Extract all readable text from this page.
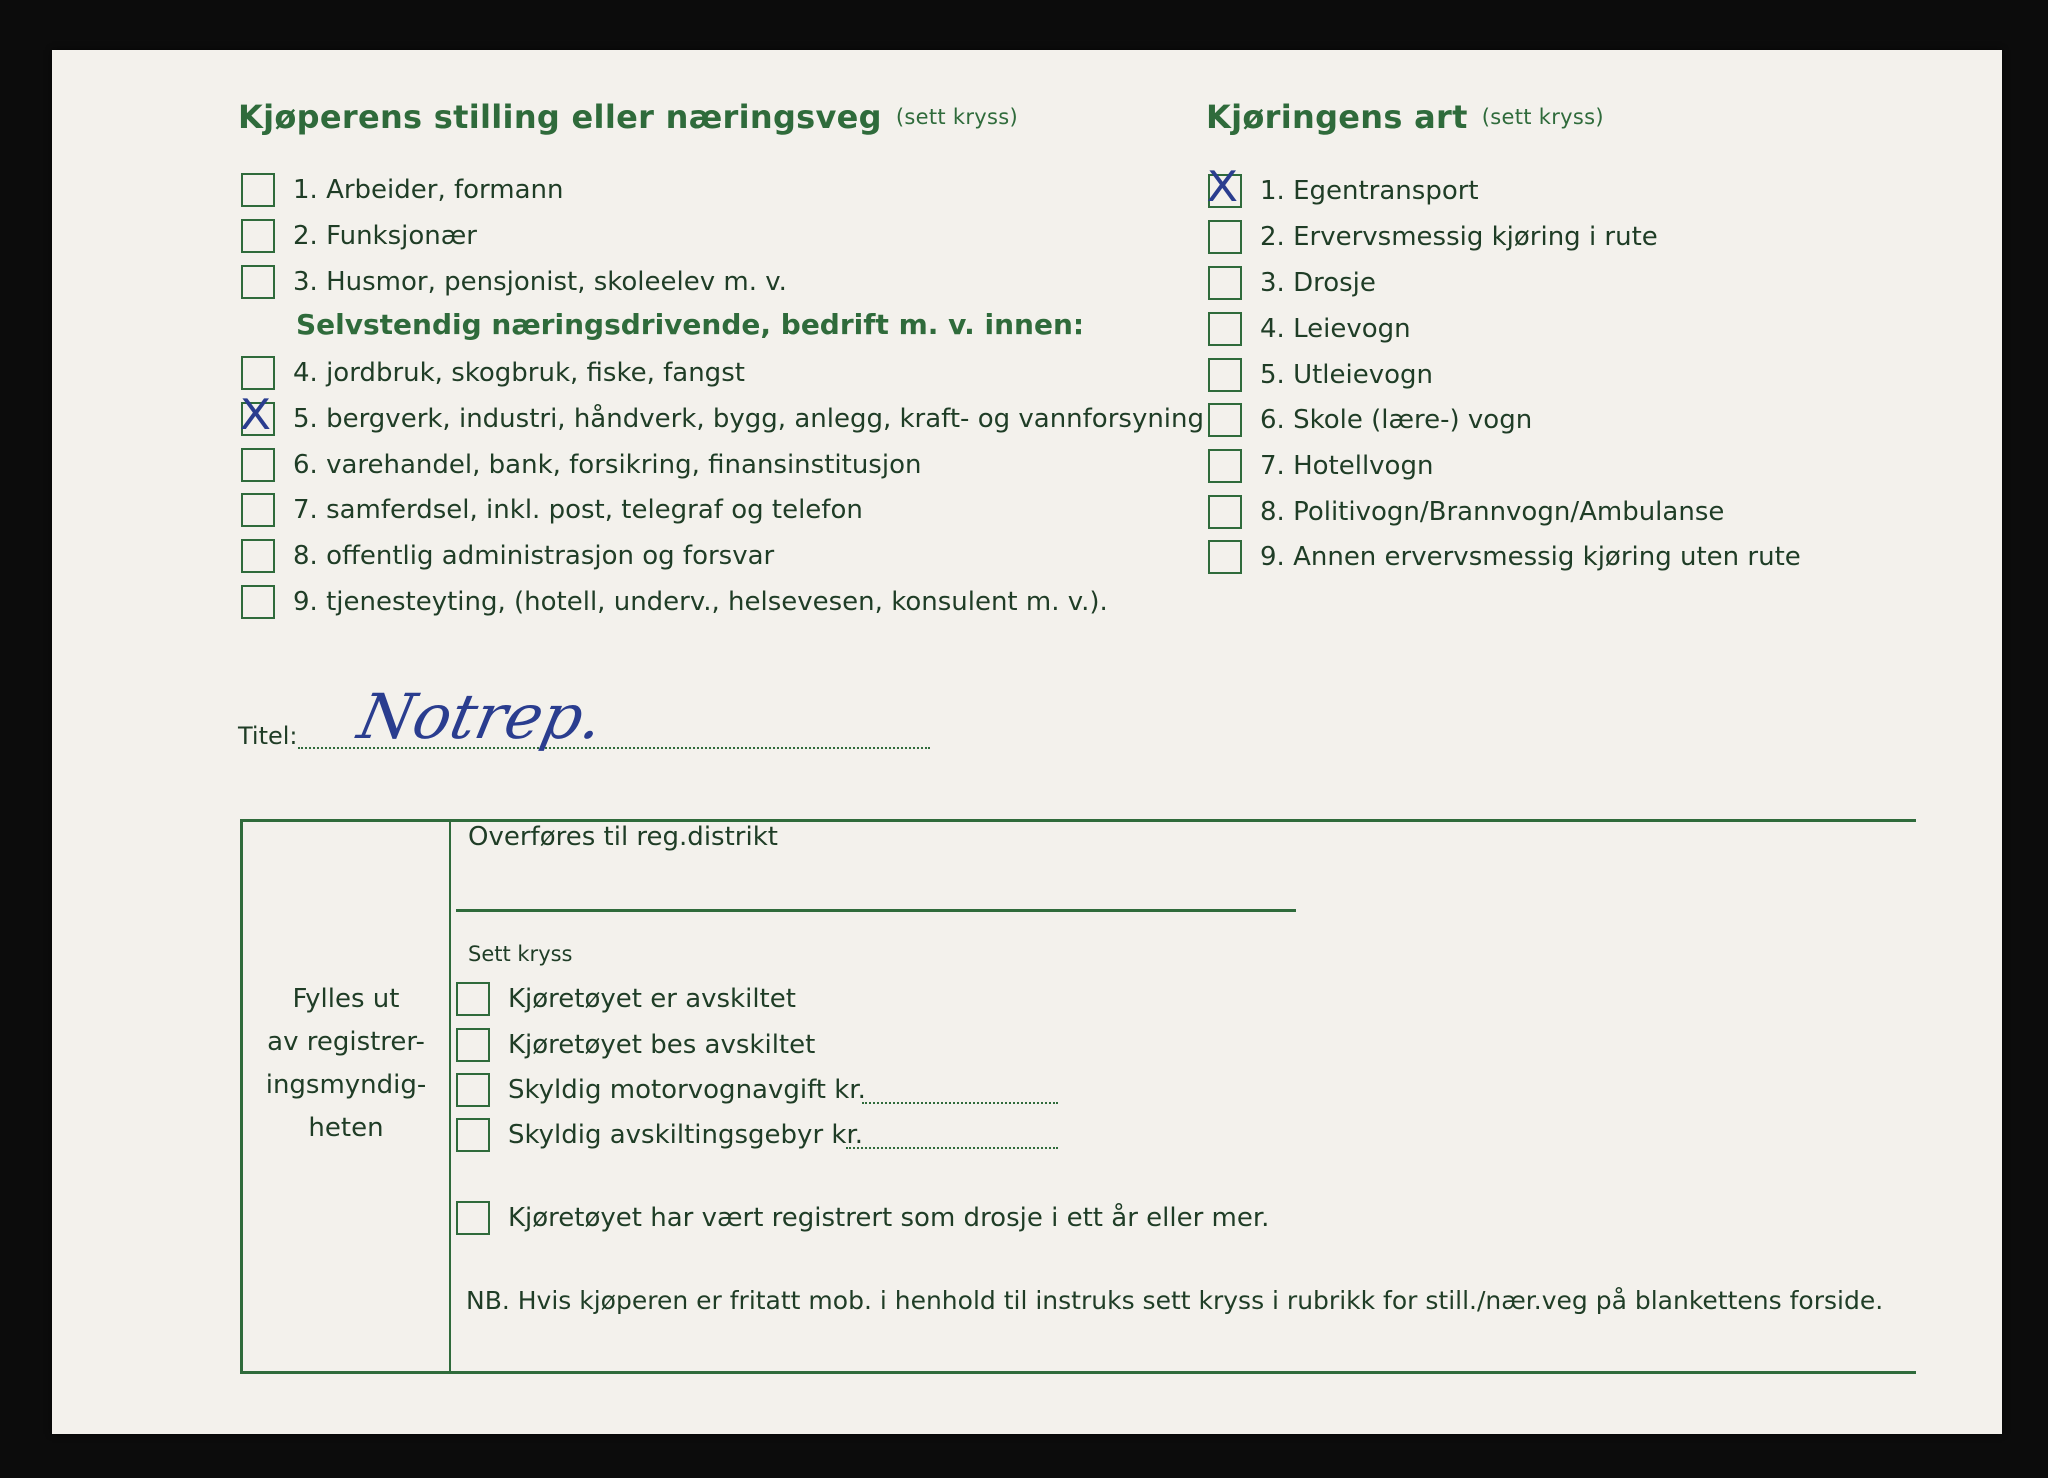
Kjøperens stilling eller næringsveg (sett kryss)	Kjøringens art (sett kryss)
1. Arbeider, formann
2. Funksjonær
3. Husmor, pensjonist, skoleelev m. v.
Selvstendig næringsdrivende, bedrift m. v. innen:
4. jordbruk, skogbruk, fiske, fangst
X 5. bergverk, industri, håndverk, bygg, anlegg, kraft- og vannforsyning
6. varehandel, bank, forsikring, finansinstitusjon
7. samferdsel, inkl. post, telegraf og telefon
8. offentlig administrasjon og forsvar
9. tjenesteyting, (hotell, underv., helsevesen, konsulent m. v.).
X 1. Egentransport
2. Ervervsmessig kjøring i rute
3. Drosje
4. Leievogn
5. Utleievogn
6. Skole (lære-) vogn
7. Hotellvogn
8. Politivogn/Brannvogn/Ambulanse
9. Annen ervervsmessig kjøring uten rute
Titel: Notrep.
Fylles ut
av registrer-
ingsmyndig-
heten
Overføres til reg.distrikt
Sett kryss
Kjøretøyet er avskiltet
Kjøretøyet bes avskiltet
Skyldig motorvognavgift kr.
Skyldig avskiltingsgebyr kr.
Kjøretøyet har vært registrert som drosje i ett år eller mer.
NB. Hvis kjøperen er fritatt mob. i henhold til instruks sett kryss i rubrikk for still./nær.veg på blankettens forside.
